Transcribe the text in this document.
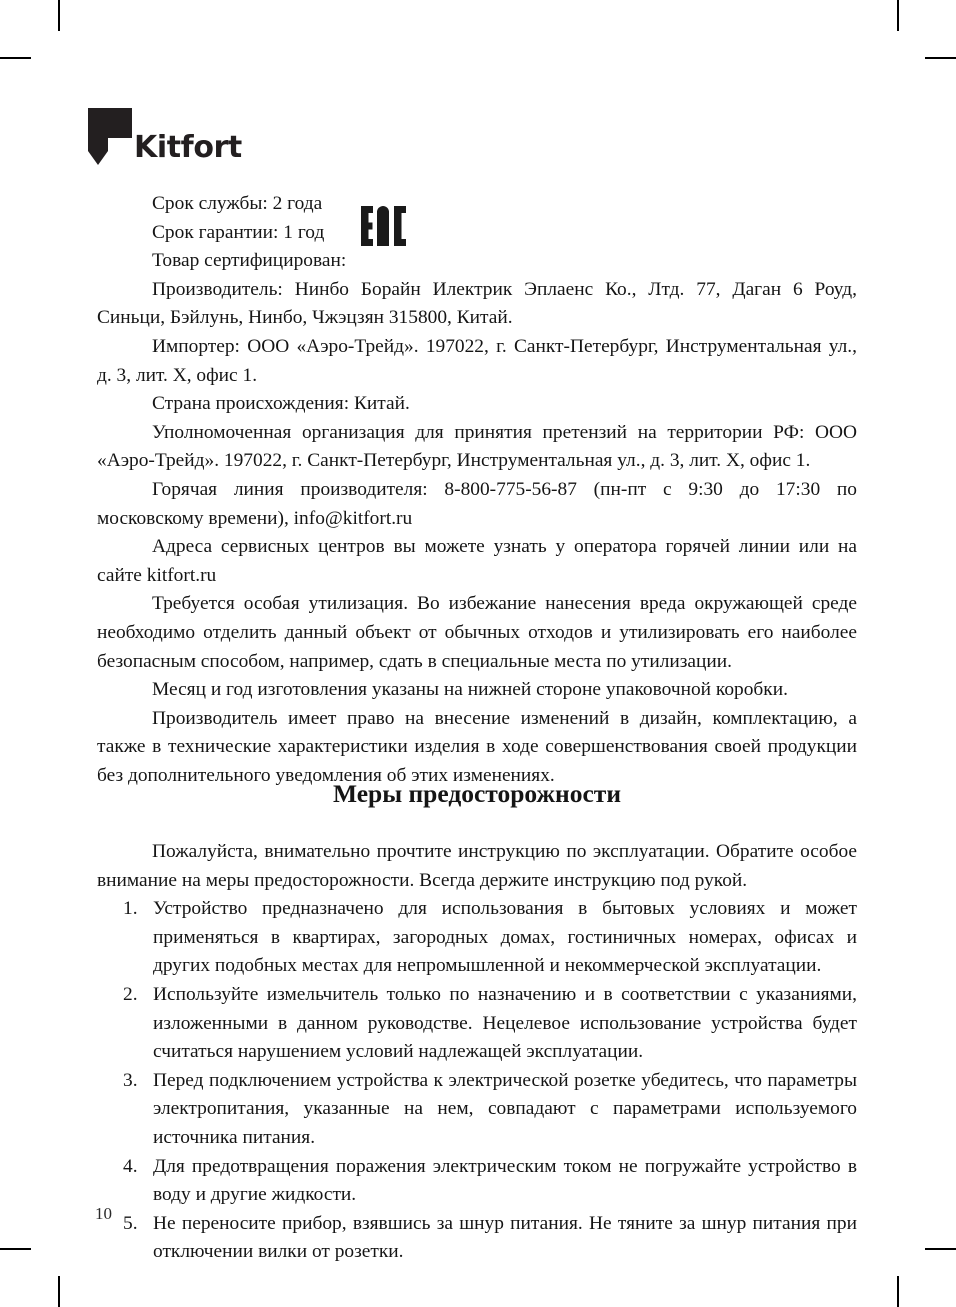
Kitfort

Срок службы: 2 года

Срок гарантии: 1 год

Товар сертифицирован:

Производитель: Нинбо Борайн Илектрик Эплаенс Ко., Лтд. 77, Даган 6 Роуд, Синьци, Бэйлунь, Нинбо, Чжэцзян 315800, Китай.

Импортер: ООО «Аэро-Трейд». 197022, г. Санкт-Петербург, Инструментальная ул., д. 3, лит. Х, офис 1.

Страна происхождения: Китай.

Уполномоченная организация для принятия претензий на территории РФ: ООО «Аэро-Трейд». 197022, г. Санкт-Петербург, Инструментальная ул., д. 3, лит. Х, офис 1.

Горячая линия производителя: 8-800-775-56-87 (пн-пт с 9:30 до 17:30 по московскому времени), info@kitfort.ru

Адреса сервисных центров вы можете узнать у оператора горячей линии или на сайте kitfort.ru

Требуется особая утилизация. Во избежание нанесения вреда окружающей среде необходимо отделить данный объект от обычных отходов и утилизировать его наиболее безопасным способом, например, сдать в специальные места по утилизации.

Месяц и год изготовления указаны на нижней стороне упаковочной коробки.

Производитель имеет право на внесение изменений в дизайн, комплектацию, а также в технические характеристики изделия в ходе совершенствования своей продукции без дополнительного уведомления об этих изменениях.

Меры предосторожности

Пожалуйста, внимательно прочтите инструкцию по эксплуатации. Обратите особое внимание на меры предосторожности. Всегда держите инструкцию под рукой.

1. Устройство предназначено для использования в бытовых условиях и может применяться в квартирах, загородных домах, гостиничных номерах, офисах и других подобных местах для непромышленной и некоммерческой эксплуатации.
2. Используйте измельчитель только по назначению и в соответствии с указаниями, изложенными в данном руководстве. Нецелевое использование устройства будет считаться нарушением условий надлежащей эксплуатации.
3. Перед подключением устройства к электрической розетке убедитесь, что параметры электропитания, указанные на нем, совпадают с параметрами используемого источника питания.
4. Для предотвращения поражения электрическим током не погружайте устройство в воду и другие жидкости.
5. Не переносите прибор, взявшись за шнур питания. Не тяните за шнур питания при отключении вилки от розетки.
10
